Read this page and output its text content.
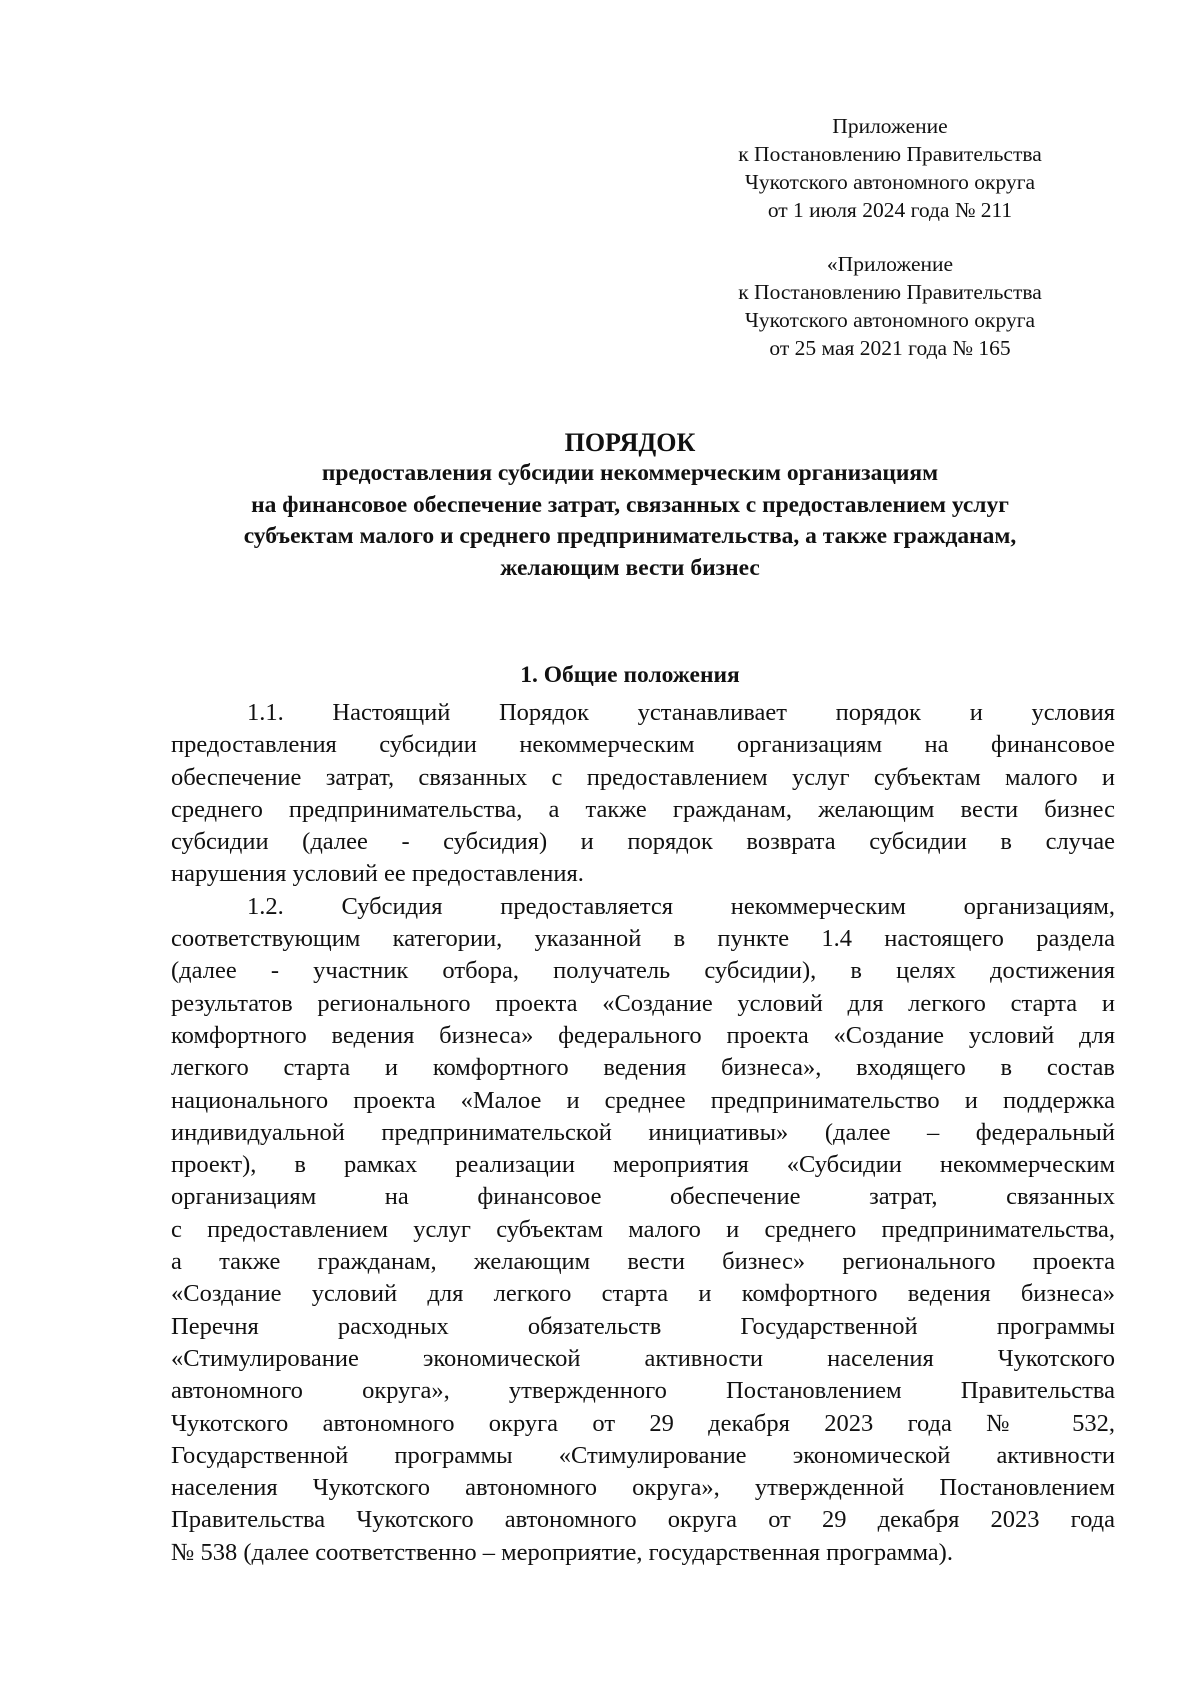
Приложение
к Постановлению Правительства
Чукотского автономного округа
от 1 июля 2024 года № 211
«Приложение
к Постановлению Правительства
Чукотского автономного округа
от 25 мая 2021 года № 165
ПОРЯДОК
предоставления субсидии некоммерческим организациям
на финансовое обеспечение затрат, связанных с предоставлением услуг
субъектам малого и среднего предпринимательства, а также гражданам,
желающим вести бизнес
1. Общие положения
1.1. Настоящий Порядок устанавливает порядок и условия
предоставления субсидии некоммерческим организациям на финансовое
обеспечение затрат, связанных с предоставлением услуг субъектам малого и
среднего предпринимательства, а также гражданам, желающим вести бизнес
субсидии (далее - субсидия) и порядок возврата субсидии в случае
нарушения условий ее предоставления.
1.2. Субсидия предоставляется некоммерческим организациям,
соответствующим категории, указанной в пункте 1.4 настоящего раздела
(далее - участник отбора, получатель субсидии), в целях достижения
результатов регионального проекта «Создание условий для легкого старта и
комфортного ведения бизнеса» федерального проекта «Создание условий для
легкого старта и комфортного ведения бизнеса», входящего в состав
национального проекта «Малое и среднее предпринимательство и поддержка
индивидуальной предпринимательской инициативы» (далее – федеральный
проект), в рамках реализации мероприятия «Субсидии некоммерческим
организациям на финансовое обеспечение затрат, связанных
с предоставлением услуг субъектам малого и среднего предпринимательства,
а также гражданам, желающим вести бизнес» регионального проекта
«Создание условий для легкого старта и комфортного ведения бизнеса»
Перечня расходных обязательств Государственной программы
«Стимулирование экономической активности населения Чукотского
автономного округа», утвержденного Постановлением Правительства
Чукотского автономного округа от 29 декабря 2023 года № 532,
Государственной программы «Стимулирование экономической активности
населения Чукотского автономного округа», утвержденной Постановлением
Правительства Чукотского автономного округа от 29 декабря 2023 года
№ 538 (далее соответственно – мероприятие, государственная программа).
